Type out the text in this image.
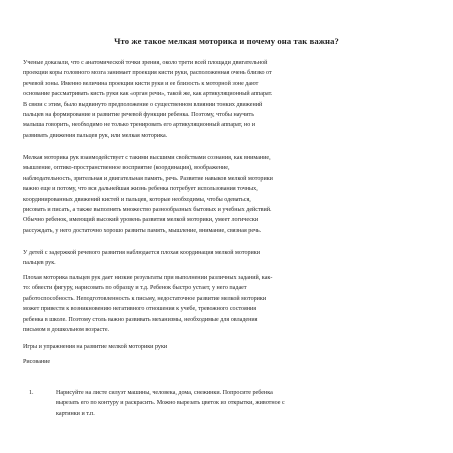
Что же такое мелкая моторика и почему она так важна?

Ученые доказали, что с анатомической точки зрения, около трети всей площади двигательной
проекции коры головного мозга занимает проекция кисти руки, расположенная очень близко от
речевой зоны. Именно величина проекции кисти руки и ее близость к моторной зоне дают
основание рассматривать кисть руки как «орган речи», такой же, как артикуляционный аппарат.
В связи с этим, было выдвинуто предположение о существенном влиянии тонких движений
пальцев на формирование и развитие речевой функции ребенка. Поэтому, чтобы научить
малыша говорить, необходимо не только тренировать его артикуляционный аппарат, но и
развивать движения пальцев рук, или мелкая моторика.

Мелкая моторика рук взаимодействует с такими высшими свойствами сознания, как внимание,
мышление, оптико-пространственное восприятие (координация), воображение,
наблюдательность, зрительная и двигательная память, речь. Развитие навыков мелкой моторики
важно еще и потому, что вся дальнейшая жизнь ребенка потребует использования точных,
координированных движений кистей и пальцев, которые необходимы, чтобы одеваться,
рисовать и писать, а также выполнять множество разнообразных бытовых и учебных действий.
Обычно ребенок, имеющий высокий уровень развития мелкой моторики, умеет логически
рассуждать, у него достаточно хорошо развиты память, мышление, внимание, связная речь.

У детей с задержкой речевого развития наблюдается плохая координация мелкой моторики
пальцев рук.

Плохая моторика пальцев рук дает низкие результаты при выполнении различных заданий, как-
то: обвести фигуру, нарисовать по образцу и т.д. Ребенок быстро устает, у него падает
работоспособность. Неподготовленность к письму, недостаточное развитие мелкой моторики
может привести к возникновению негативного отношения к учебе, тревожного состояния
ребенка в школе. Поэтому столь важно развивать механизмы, необходимые для овладения
письмом в дошкольном возрасте.

Игры и упражнения на развитие мелкой моторики руки

Рисование

1.	Нарисуйте на листе силуэт машины, человека, дома, снежинки. Попросите ребенка
вырезать его по контуру и раскрасить. Можно вырезать цветок из открытки, животное с
картинки и т.п.
